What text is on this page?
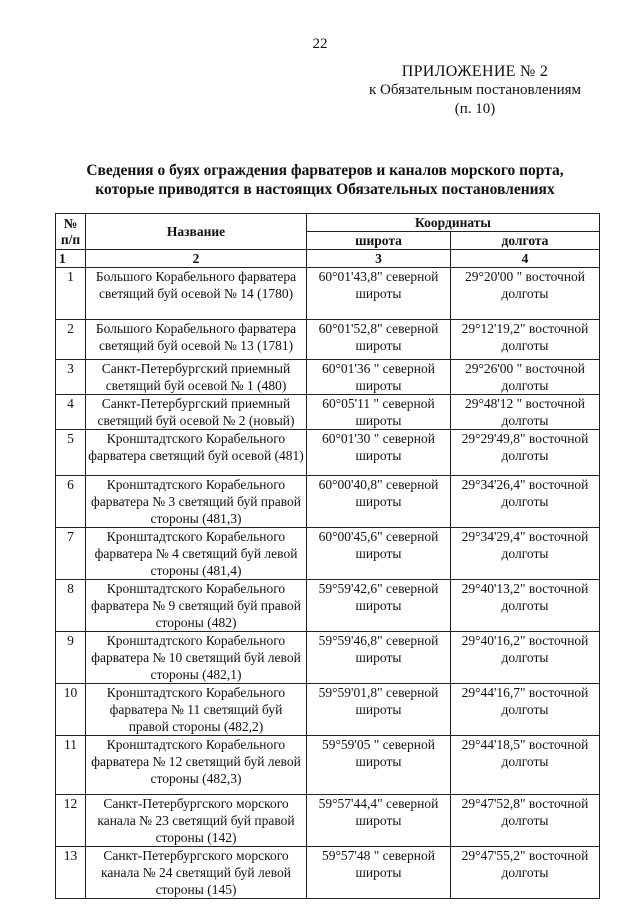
22
ПРИЛОЖЕНИЕ № 2
к Обязательным постановлениям
(п. 10)
Сведения о буях ограждения фарватеров и каналов морского порта, которые приводятся в настоящих Обязательных постановлениях
№ п/п	Название	Координаты	
		широта	долгота
1	2	3	4
1	Большого Корабельного фарватера светящий буй осевой № 14 (1780)	60°01'43,8" северной широты	29°20'00 " восточной долготы
2	Большого Корабельного фарватера светящий буй осевой № 13 (1781)	60°01'52,8" северной широты	29°12'19,2" восточной долготы
3	Санкт-Петербургский приемный светящий буй осевой № 1 (480)	60°01'36 " северной широты	29°26'00 " восточной долготы
4	Санкт-Петербургский приемный светящий буй осевой № 2 (новый)	60°05'11 " северной широты	29°48'12 " восточной долготы
5	Кронштадтского Корабельного фарватера светящий буй осевой (481)	60°01'30 " северной широты	29°29'49,8" восточной долготы
6	Кронштадтского Корабельного фарватера № 3 светящий буй правой стороны (481,3)	60°00'40,8" северной широты	29°34'26,4" восточной долготы
7	Кронштадтского Корабельного фарватера № 4 светящий буй левой стороны (481,4)	60°00'45,6" северной широты	29°34'29,4" восточной долготы
8	Кронштадтского Корабельного фарватера № 9 светящий буй правой стороны (482)	59°59'42,6" северной широты	29°40'13,2" восточной долготы
9	Кронштадтского Корабельного фарватера № 10 светящий буй левой стороны (482,1)	59°59'46,8" северной широты	29°40'16,2" восточной долготы
10	Кронштадтского Корабельного фарватера № 11 светящий буй правой стороны (482,2)	59°59'01,8" северной широты	29°44'16,7" восточной долготы
11	Кронштадтского Корабельного фарватера № 12 светящий буй левой стороны (482,3)	59°59'05 " северной широты	29°44'18,5" восточной долготы
12	Санкт-Петербургского морского канала № 23 светящий буй правой стороны (142)	59°57'44,4" северной широты	29°47'52,8" восточной долготы
13	Санкт-Петербургского морского канала № 24 светящий буй левой стороны (145)	59°57'48 " северной широты	29°47'55,2" восточной долготы
